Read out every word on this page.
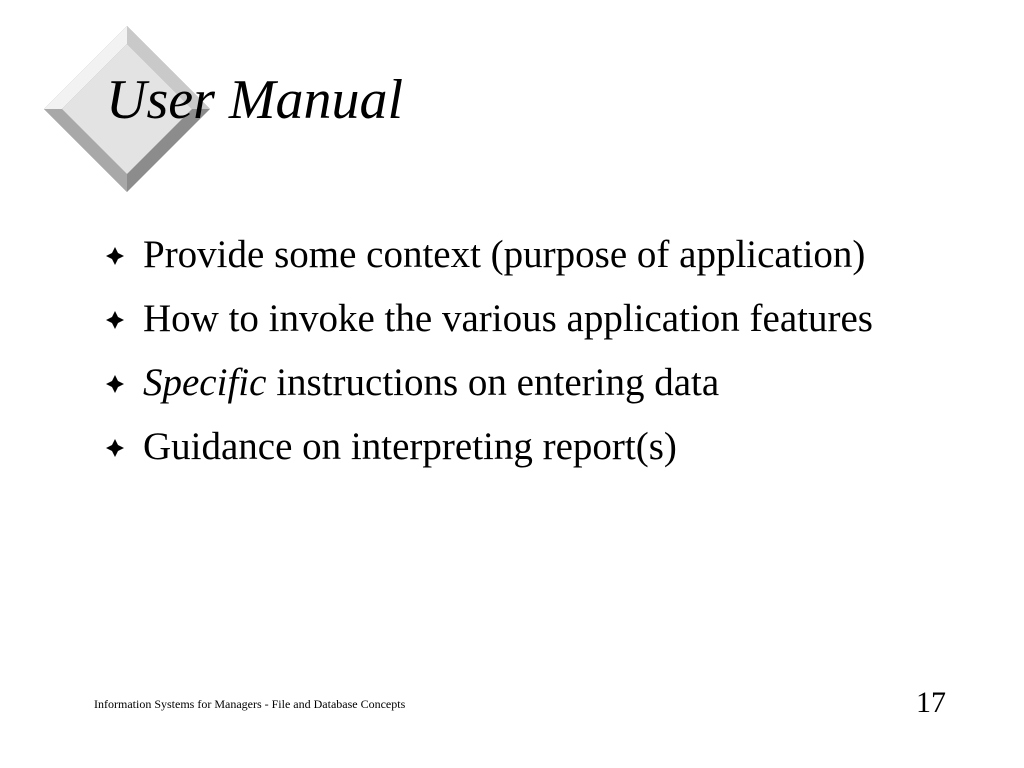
User Manual
Provide some context (purpose of application)
How to invoke the various application features
Specific instructions on entering data
Guidance on interpreting report(s)
Information Systems for Managers - File and Database Concepts	17
